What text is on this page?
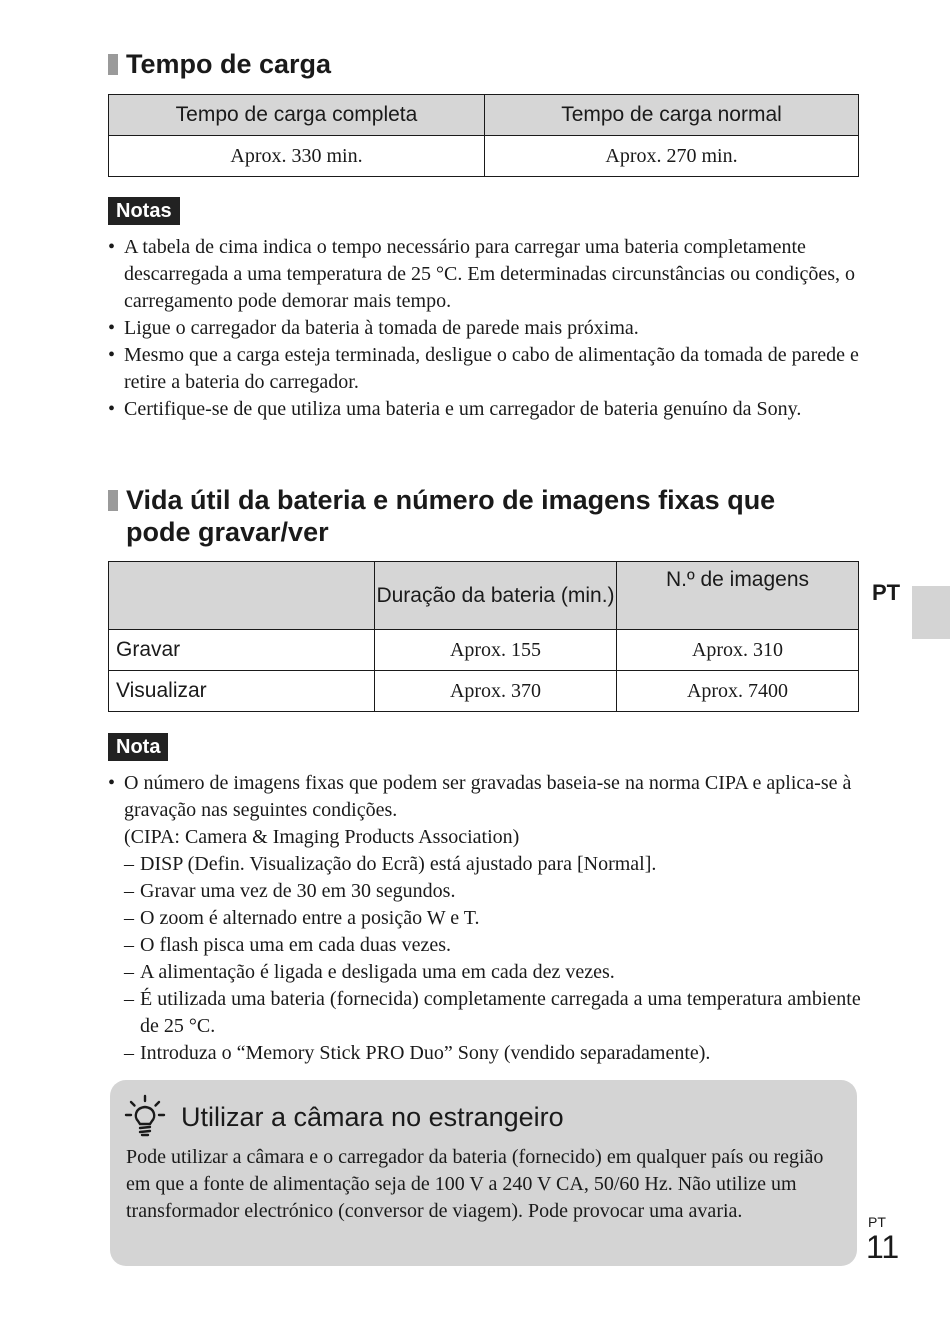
Tempo de carga
Tempo de carga completa	Tempo de carga normal
Aprox. 330 min.	Aprox. 270 min.
Notas
• A tabela de cima indica o tempo necessário para carregar uma bateria completamente descarregada a uma temperatura de 25 °C. Em determinadas circunstâncias ou condições, o carregamento pode demorar mais tempo.
• Ligue o carregador da bateria à tomada de parede mais próxima.
• Mesmo que a carga esteja terminada, desligue o cabo de alimentação da tomada de parede e retire a bateria do carregador.
• Certifique-se de que utiliza uma bateria e um carregador de bateria genuíno da Sony.
Vida útil da bateria e número de imagens fixas que
pode gravar/ver
	Duração da bateria (min.)	N.º de imagens
Gravar	Aprox. 155	Aprox. 310
Visualizar	Aprox. 370	Aprox. 7400
Nota
• O número de imagens fixas que podem ser gravadas baseia-se na norma CIPA e aplica-se à gravação nas seguintes condições.
(CIPA: Camera & Imaging Products Association)
– DISP (Defin. Visualização do Ecrã) está ajustado para [Normal].
– Gravar uma vez de 30 em 30 segundos.
– O zoom é alternado entre a posição W e T.
– O flash pisca uma em cada duas vezes.
– A alimentação é ligada e desligada uma em cada dez vezes.
– É utilizada uma bateria (fornecida) completamente carregada a uma temperatura ambiente de 25 °C.
– Introduza o “Memory Stick PRO Duo” Sony (vendido separadamente).
Utilizar a câmara no estrangeiro

Pode utilizar a câmara e o carregador da bateria (fornecido) em qualquer país ou região em que a fonte de alimentação seja de 100 V a 240 V CA, 50/60 Hz. Não utilize um transformador electrónico (conversor de viagem). Pode provocar uma avaria.

PT
PT
11
